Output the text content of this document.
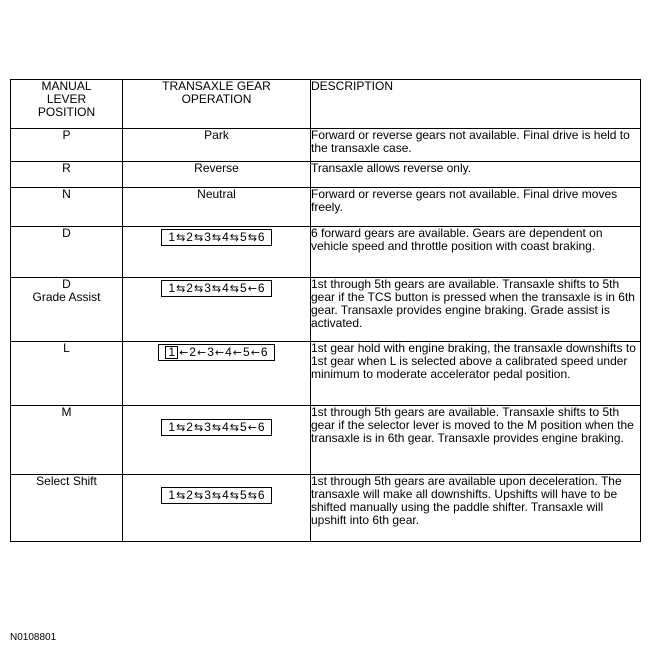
MANUAL
LEVER
POSITION	TRANSAXLE GEAR
OPERATION	DESCRIPTION
P	Park	Forward or reverse gears not available. Final drive is held to the transaxle case.
R	Reverse	Transaxle allows reverse only.
N	Neutral	Forward or reverse gears not available. Final drive moves freely.
D	1⇆2⇆3⇆4⇆5⇆6	6 forward gears are available. Gears are dependent on vehicle speed and throttle position with coast braking.
D
Grade Assist	1⇆2⇆3⇆4⇆5←6	1st through 5th gears are available. Transaxle shifts to 5th gear if the TCS button is pressed when the transaxle is in 6th gear. Transaxle provides engine braking. Grade assist is activated.
L	1 ←2←3←4←5←6	1st gear hold with engine braking, the transaxle downshifts to 1st gear when L is selected above a calibrated speed under minimum to moderate accelerator pedal position.
M	1⇆2⇆3⇆4⇆5←6	1st through 5th gears are available. Transaxle shifts to 5th gear if the selector lever is moved to the M position when the transaxle is in 6th gear. Transaxle provides engine braking.
Select Shift	1⇆2⇆3⇆4⇆5⇆6	1st through 5th gears are available upon deceleration. The transaxle will make all downshifts. Upshifts will have to be shifted manually using the paddle shifter. Transaxle will upshift into 6th gear.
N0108801
